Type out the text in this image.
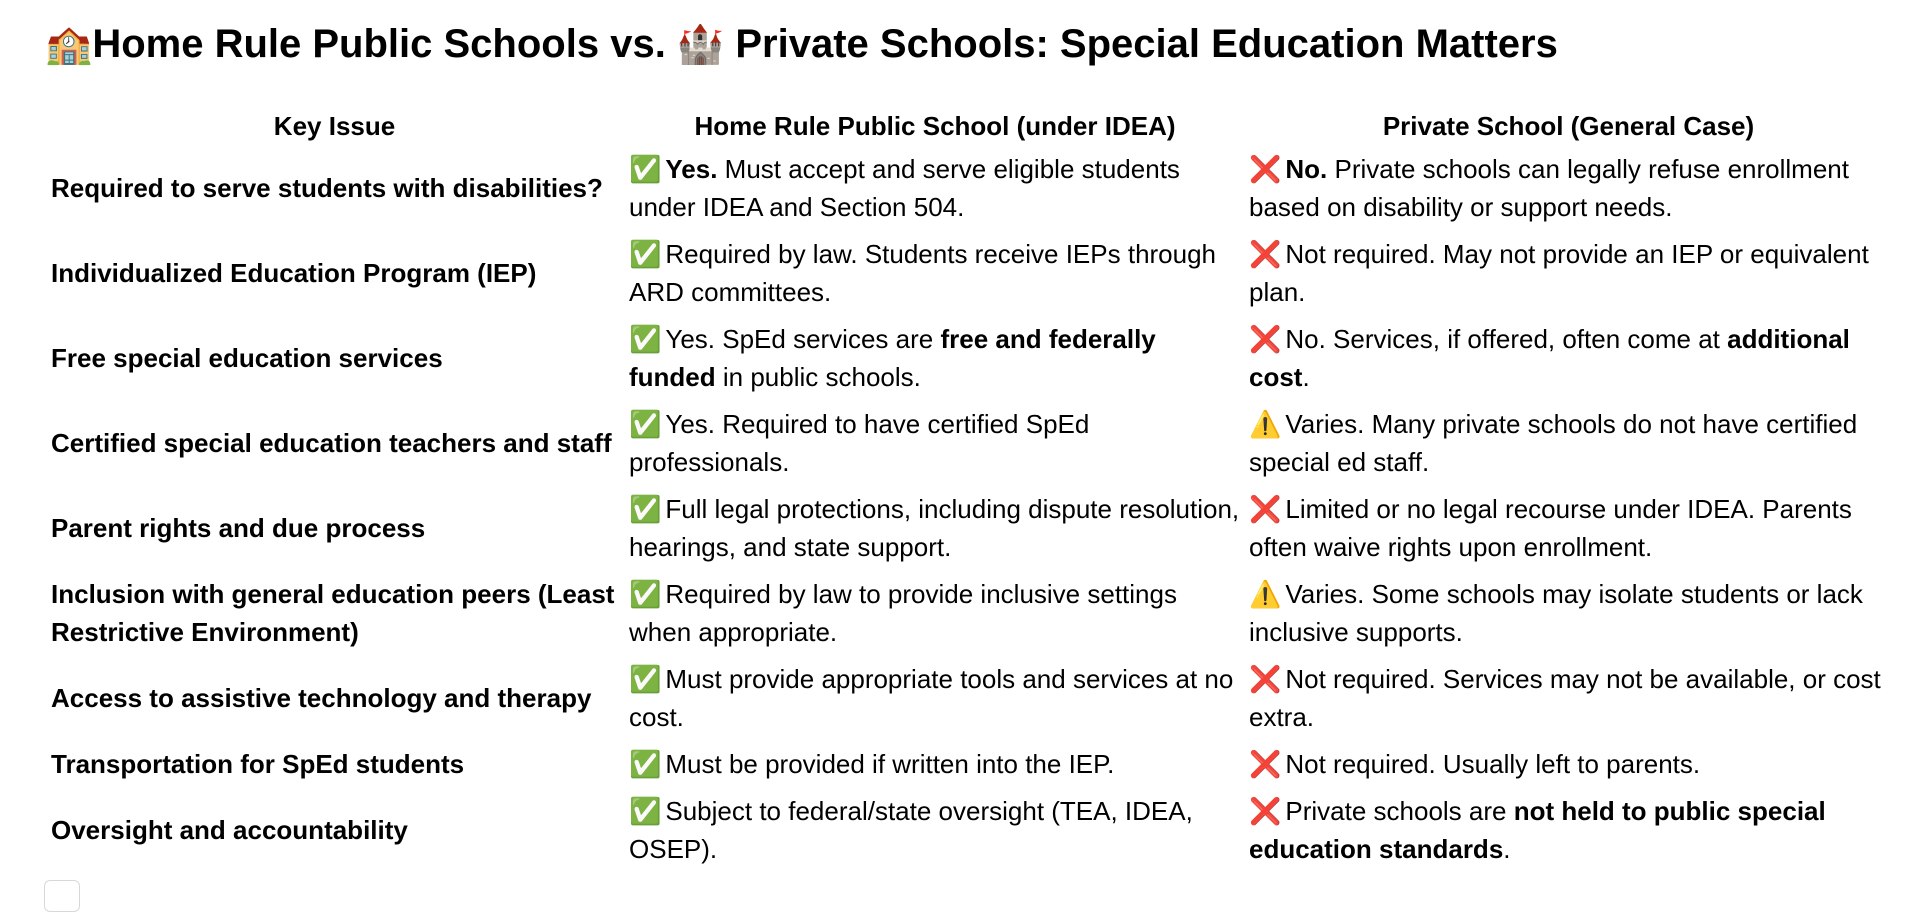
🏫Home Rule Public Schools vs. 🏰 Private Schools: Special Education Matters
Key Issue	Home Rule Public School (under IDEA)	Private School (General Case)
Required to serve students with disabilities?	✅ Yes. Must accept and serve eligible students under IDEA and Section 504.	❌ No. Private schools can legally refuse enrollment based on disability or support needs.
Individualized Education Program (IEP)	✅ Required by law. Students receive IEPs through ARD committees.	❌ Not required. May not provide an IEP or equivalent plan.
Free special education services	✅ Yes. SpEd services are free and federally funded in public schools.	❌ No. Services, if offered, often come at additional cost.
Certified special education teachers and staff	✅ Yes. Required to have certified SpEd professionals.	⚠️ Varies. Many private schools do not have certified special ed staff.
Parent rights and due process	✅ Full legal protections, including dispute resolution, hearings, and state support.	❌ Limited or no legal recourse under IDEA. Parents often waive rights upon enrollment.
Inclusion with general education peers (Least Restrictive Environment)	✅ Required by law to provide inclusive settings when appropriate.	⚠️ Varies. Some schools may isolate students or lack inclusive supports.
Access to assistive technology and therapy	✅ Must provide appropriate tools and services at no cost.	❌ Not required. Services may not be available, or cost extra.
Transportation for SpEd students	✅ Must be provided if written into the IEP.	❌ Not required. Usually left to parents.
Oversight and accountability	✅ Subject to federal/state oversight (TEA, IDEA, OSEP).	❌ Private schools are not held to public special education standards.
